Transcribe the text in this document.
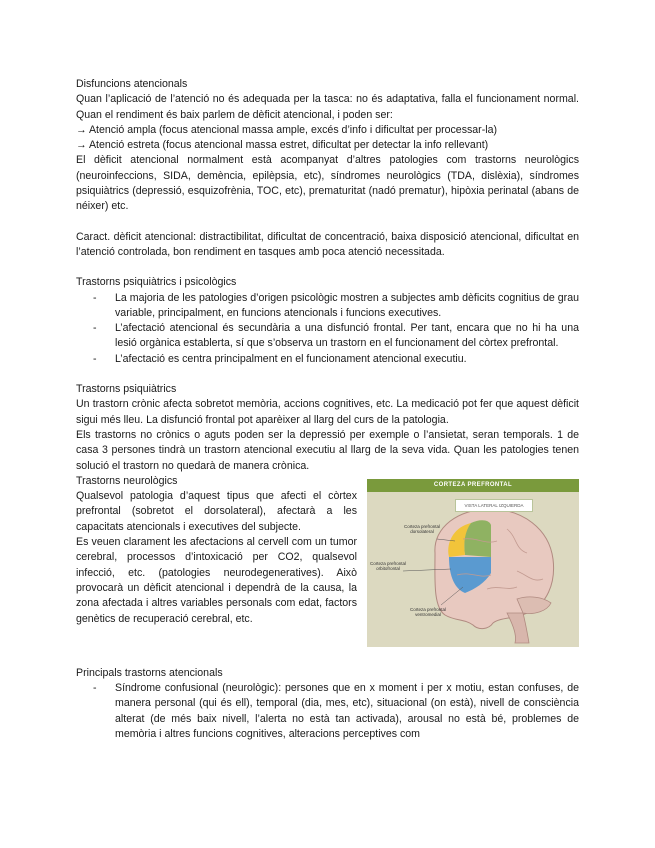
Disfuncions atencionals

Quan l’aplicació de l’atenció no és adequada per la tasca: no és adaptativa, falla el funcionament normal. Quan el rendiment és baix parlem de dèficit atencional, i poden ser:

→ Atenció ampla (focus atencional massa ample, excés d’info i dificultat per processar-la)

→ Atenció estreta (focus atencional massa estret, dificultat per detectar la info rellevant)

El dèficit atencional normalment està acompanyat d’altres patologies com trastorns neurològics (neuroinfeccions, SIDA, demència, epilèpsia, etc), síndromes neurològics (TDA, dislèxia), síndromes psiquiàtrics (depressió, esquizofrènia, TOC, etc), prematuritat (nadó prematur), hipòxia perinatal (abans de néixer) etc.

Caract. dèficit atencional: distractibilitat, dificultat de concentració, baixa disposició atencional, dificultat en l’atenció controlada, bon rendiment en tasques amb poca atenció necessitada.

Trastorns psiquiàtrics i psicològics

- La majoria de les patologies d’origen psicològic mostren a subjectes amb dèficits cognitius de grau variable, principalment, en funcions atencionals i funcions executives.
- L’afectació atencional és secundària a una disfunció frontal. Per tant, encara que no hi ha una lesió orgànica establerta, sí que s’observa un trastorn en el funcionament del còrtex prefrontal.
- L’afectació es centra principalment en el funcionament atencional executiu.

Trastorns psiquiàtrics

Un trastorn crònic afecta sobretot memòria, accions cognitives, etc. La medicació pot fer que aquest dèficit sigui més lleu. La disfunció frontal pot aparèixer al llarg del curs de la patologia.

Els trastorns no crònics o aguts poden ser la depressió per exemple o l’ansietat, seran temporals. 1 de casa 3 persones tindrà un trastorn atencional executiu al llarg de la seva vida. Quan les patologies tenen solució el trastorn no quedarà de manera crònica.

CORTEZA PREFRONTAL
VISTA LATERAL IZQUIERDA
Corteza prefrontal dorsolateral
Corteza prefrontal orbitofrontal
Corteza prefrontal ventromedial

Trastorns neurològics

Qualsevol patologia d’aquest tipus que afecti el còrtex prefrontal (sobretot el dorsolateral), afectarà a les capacitats atencionals i executives del subjecte.

Es veuen clarament les afectacions al cervell com un tumor cerebral, processos d’intoxicació per CO2, qualsevol infecció, etc. (patologies neurodegeneratives). Això provocarà un dèficit atencional i dependrà de la causa, la zona afectada i altres variables personals com edat, factors genètics de recuperació cerebral, etc.

Principals trastorns atencionals

- Síndrome confusional (neurològic): persones que en x moment i per x motiu, estan confuses, de manera personal (qui és ell), temporal (dia, mes, etc), situacional (on està), nivell de consciència alterat (de més baix nivell, l’alerta no està tan activada), arousal no està bé, problemes de memòria i altres funcions cognitives, alteracions perceptives com
